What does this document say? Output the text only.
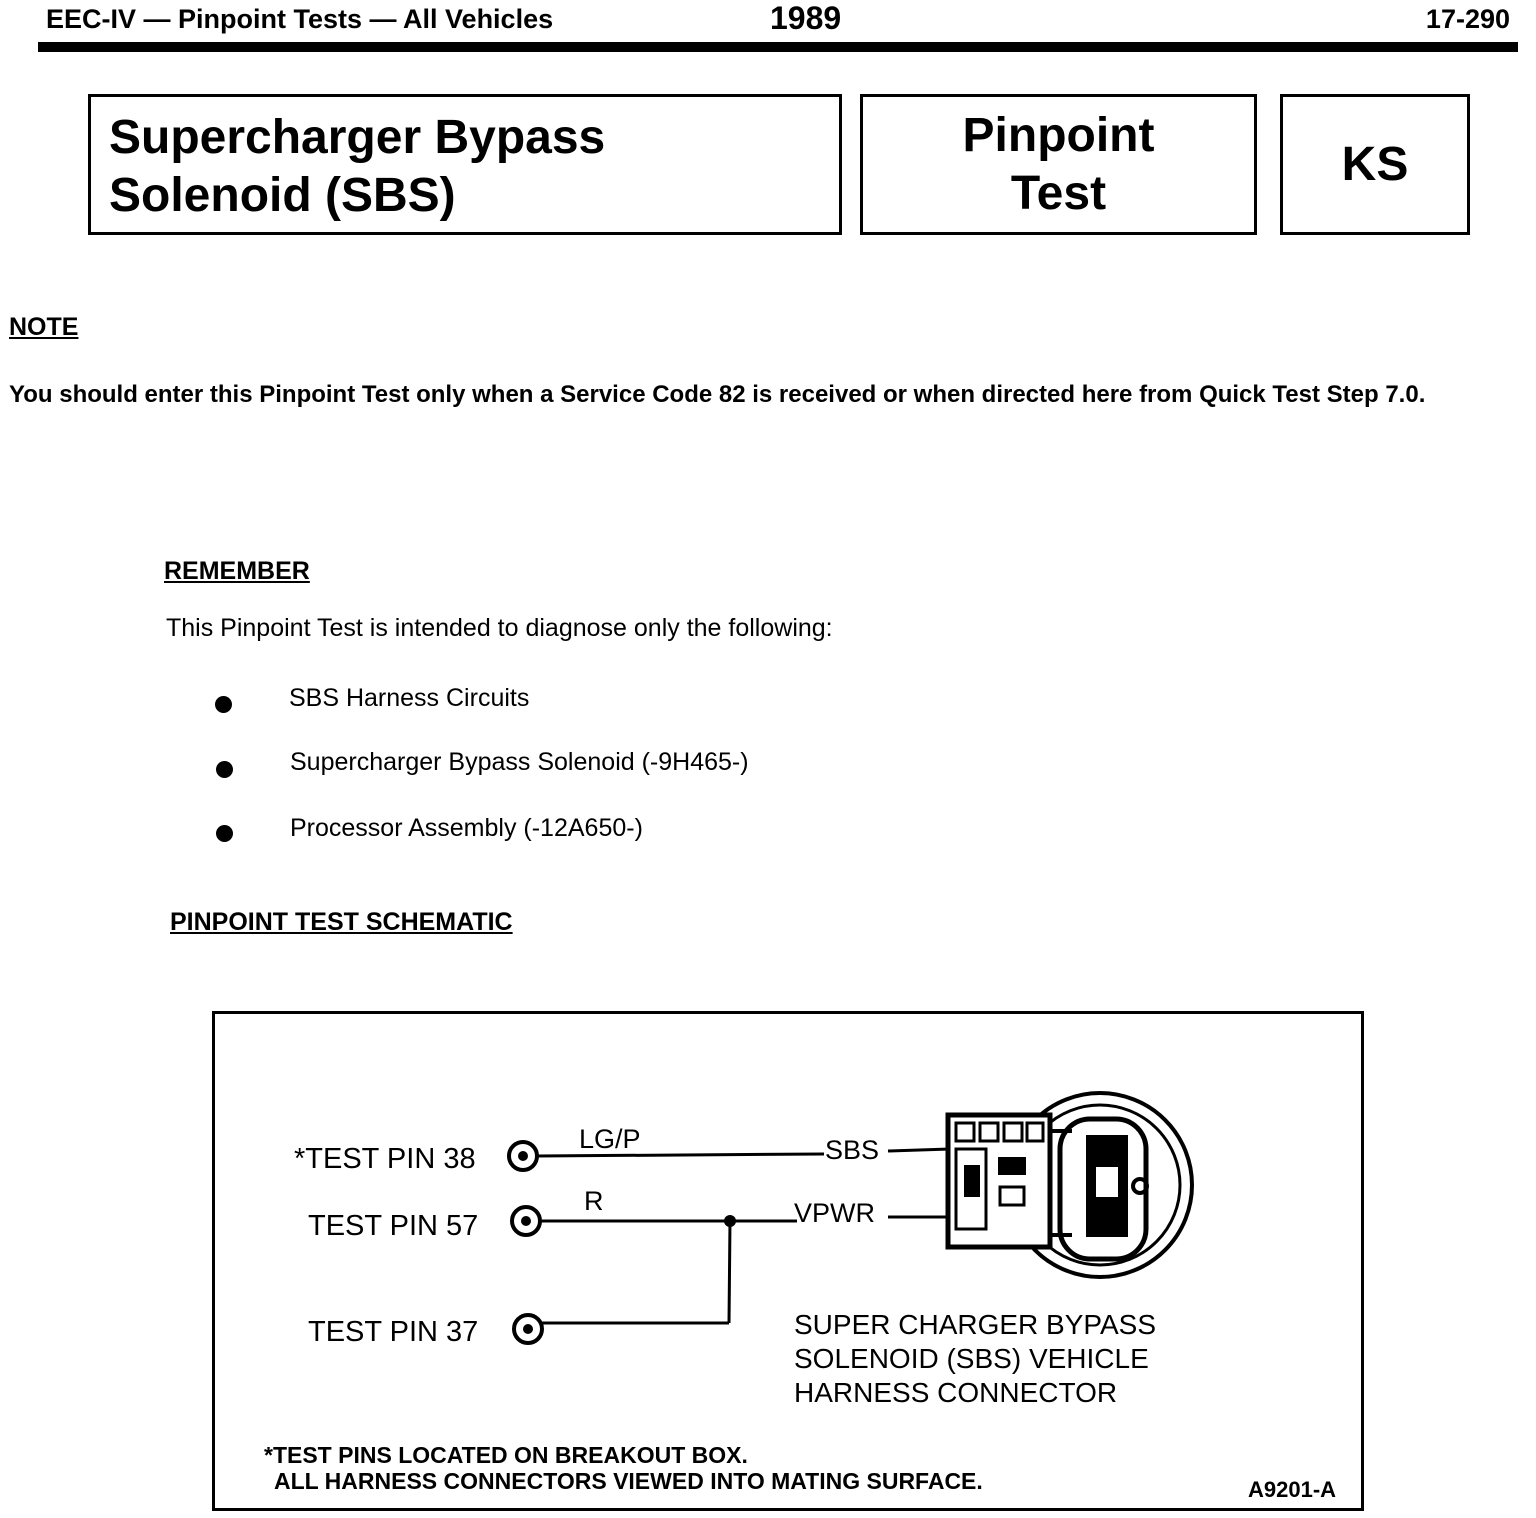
EEC-IV — Pinpoint Tests — All Vehicles	1989	17-290
Supercharger Bypass
Solenoid (SBS)
Pinpoint
Test
KS
NOTE
You should enter this Pinpoint Test only when a Service Code 82 is received or when directed here from Quick Test Step 7.0.
REMEMBER
This Pinpoint Test is intended to diagnose only the following:
SBS Harness Circuits
Supercharger Bypass Solenoid (-9H465-)
Processor Assembly (-12A650-)
PINPOINT TEST SCHEMATIC
*TEST PIN 38
TEST PIN 57
TEST PIN 37
LG/P
R
SBS
VPWR
SUPER CHARGER BYPASS
SOLENOID (SBS) VEHICLE
HARNESS CONNECTOR
*TEST PINS LOCATED ON BREAKOUT BOX.
ALL HARNESS CONNECTORS VIEWED INTO MATING SURFACE.	A9201-A
